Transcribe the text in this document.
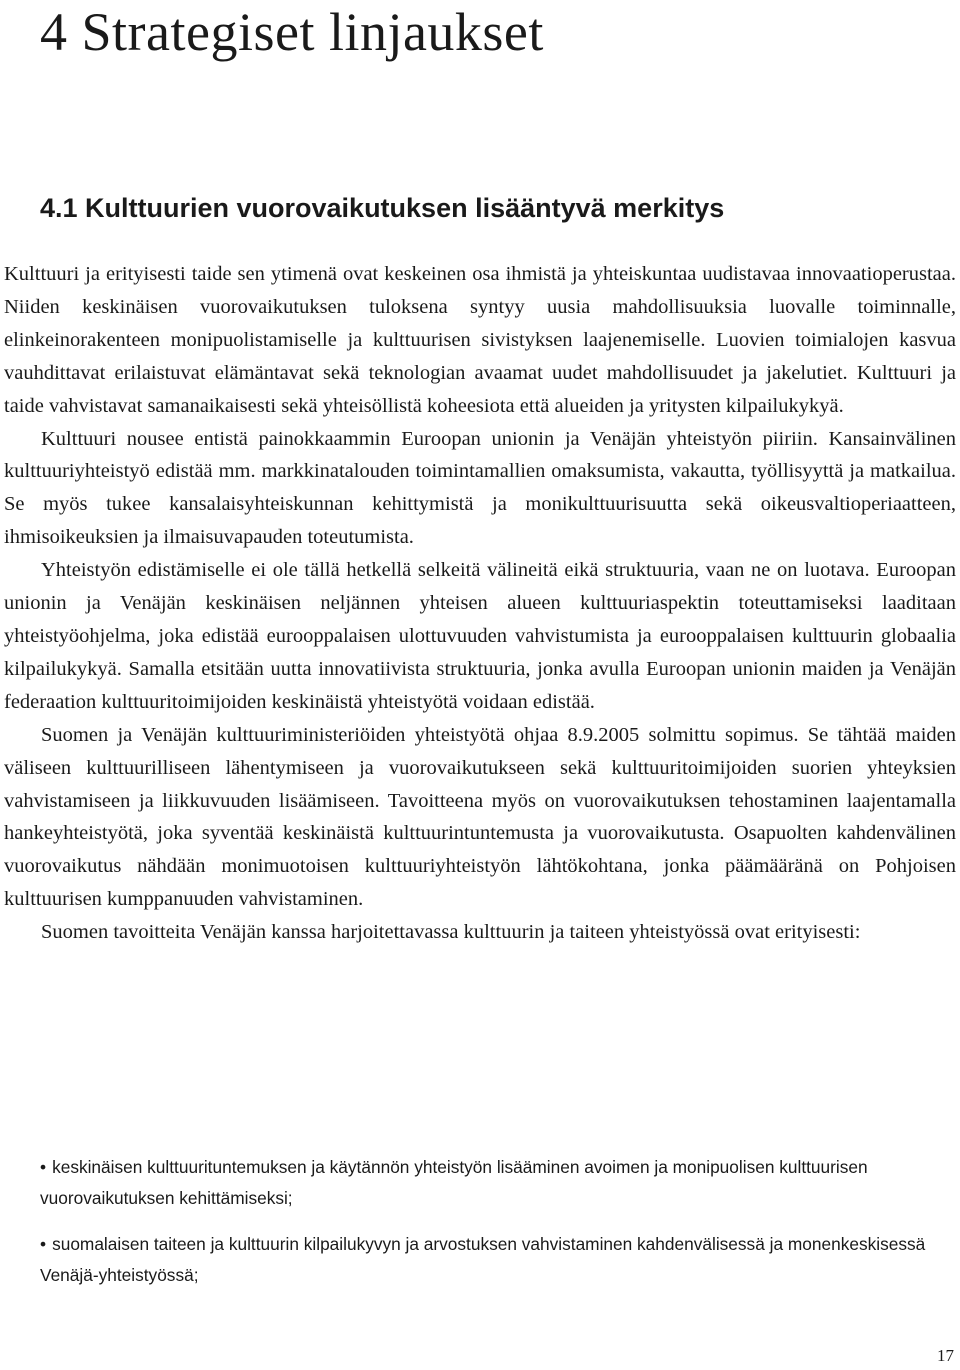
4 Strategiset linjaukset
4.1 Kulttuurien vuorovaikutuksen lisääntyvä merkitys

Kulttuuri ja erityisesti taide sen ytimenä ovat keskeinen osa ihmistä ja yhteiskuntaa uudistavaa innovaatioperustaa. Niiden keskinäisen vuorovaikutuksen tuloksena syntyy uusia mahdollisuuksia luovalle toiminnalle, elinkeinorakenteen monipuolistamiselle ja kulttuurisen sivistyksen laajenemiselle. Luovien toimialojen kasvua vauhdittavat erilaistuvat elämäntavat sekä teknologian avaamat uudet mahdollisuudet ja jakelutiet. Kulttuuri ja taide vahvistavat samanaikaisesti sekä yhteisöllistä koheesiota että alueiden ja yritysten kilpailukykyä.

Kulttuuri nousee entistä painokkaammin Euroopan unionin ja Venäjän yhteistyön piiriin. Kansainvälinen kulttuuriyhteistyö edistää mm. markkinatalouden toimintamallien omaksumista, vakautta, työllisyyttä ja matkailua. Se myös tukee kansalaisyhteiskunnan kehittymistä ja monikulttuurisuutta sekä oikeusvaltioperiaatteen, ihmisoikeuksien ja ilmaisuvapauden toteutumista.

Yhteistyön edistämiselle ei ole tällä hetkellä selkeitä välineitä eikä struktuuria, vaan ne on luotava. Euroopan unionin ja Venäjän keskinäisen neljännen yhteisen alueen kulttuuriaspektin toteuttamiseksi laaditaan yhteistyöohjelma, joka edistää eurooppalaisen ulottuvuuden vahvistumista ja eurooppalaisen kulttuurin globaalia kilpailukykyä. Samalla etsitään uutta innovatiivista struktuuria, jonka avulla Euroopan unionin maiden ja Venäjän federaation kulttuuritoimijoiden keskinäistä yhteistyötä voidaan edistää.

Suomen ja Venäjän kulttuuriministeriöiden yhteistyötä ohjaa 8.9.2005 solmittu sopimus. Se tähtää maiden väliseen kulttuurilliseen lähentymiseen ja vuorovaikutukseen sekä kulttuuritoimijoiden suorien yhteyksien vahvistamiseen ja liikkuvuuden lisäämiseen. Tavoitteena myös on vuorovaikutuksen tehostaminen laajentamalla hankeyhteistyötä, joka syventää keskinäistä kulttuurintuntemusta ja vuorovaikutusta. Osapuolten kahdenvälinen vuorovaikutus nähdään monimuotoisen kulttuuriyhteistyön lähtökohtana, jonka päämääränä on Pohjoisen kulttuurisen kumppanuuden vahvistaminen.

Suomen tavoitteita Venäjän kanssa harjoitettavassa kulttuurin ja taiteen yhteistyössä ovat erityisesti:

• keskinäisen kulttuurituntemuksen ja käytännön yhteistyön lisääminen avoimen ja monipuolisen kulttuurisen vuorovaikutuksen kehittämiseksi;
• suomalaisen taiteen ja kulttuurin kilpailukyvyn ja arvostuksen vahvistaminen kahdenvälisessä ja monenkeskisessä Venäjä-yhteistyössä;
17
